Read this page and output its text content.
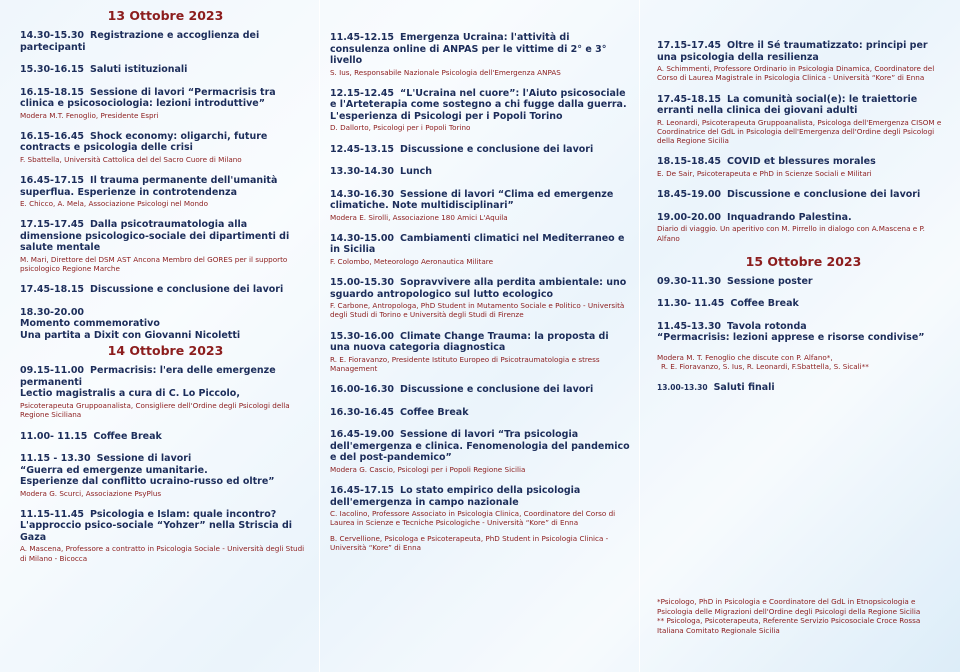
13 Ottobre 2023
14.30-15.30 Registrazione e accoglienza dei partecipanti
15.30-16.15 Saluti istituzionali
16.15-18.15 Sessione di lavori “Permacrisis tra clinica e psicosociologia: lezioni introduttive”
Modera M.T. Fenoglio, Presidente Espri
16.15-16.45 Shock economy: oligarchi, future contracts e psicologia delle crisi
F. Sbattella, Università Cattolica del del Sacro Cuore di Milano
16.45-17.15 Il trauma permanente dell'umanità superflua. Esperienze in controtendenza
E. Chicco, A. Mela, Associazione Psicologi nel Mondo
17.15-17.45 Dalla psicotraumatologia alla dimensione psicologico-sociale dei dipartimenti di salute mentale
M. Mari, Direttore del DSM AST Ancona Membro del GORES per il supporto psicologico Regione Marche
17.45-18.15 Discussione e conclusione dei lavori
18.30-20.00
Momento commemorativo
Una partita a Dixit con Giovanni Nicoletti
14 Ottobre 2023
09.15-11.00 Permacrisis: l'era delle emergenze permanenti
Lectio magistralis a cura di C. Lo Piccolo,
Psicoterapeuta Gruppoanalista, Consigliere dell'Ordine degli Psicologi della Regione Siciliana
11.00- 11.15 Coffee Break
11.15 - 13.30 Sessione di lavori
“Guerra ed emergenze umanitarie.
Esperienze dal conflitto ucraino-russo ed oltre”
Modera G. Scurci, Associazione PsyPlus
11.15-11.45 Psicologia e Islam: quale incontro?
L'approccio psico-sociale “Yohzer” nella Striscia di Gaza
A. Mascena, Professore a contratto in Psicologia Sociale - Università degli Studi di Milano - Bicocca
11.45-12.15 Emergenza Ucraina: l'attività di consulenza online di ANPAS per le vittime di 2° e 3° livello
S. Ius, Responsabile Nazionale Psicologia dell'Emergenza ANPAS
12.15-12.45 “L'Ucraina nel cuore”: l'Aiuto psicosociale e l'Arteterapia come sostegno a chi fugge dalla guerra. L'esperienza di Psicologi per i Popoli Torino
D. Dallorto, Psicologi per i Popoli Torino
12.45-13.15 Discussione e conclusione dei lavori
13.30-14.30 Lunch
14.30-16.30 Sessione di lavori “Clima ed emergenze climatiche. Note multidisciplinari”
Modera E. Sirolli, Associazione 180 Amici L'Aquila
14.30-15.00 Cambiamenti climatici nel Mediterraneo e in Sicilia
F. Colombo, Meteorologo Aeronautica Militare
15.00-15.30 Sopravvivere alla perdita ambientale: uno sguardo antropologico sul lutto ecologico
F. Carbone, Antropologa, PhD Student in Mutamento Sociale e Politico - Università degli Studi di Torino e Università degli Studi di Firenze
15.30-16.00 Climate Change Trauma: la proposta di una nuova categoria diagnostica
R. E. Fioravanzo, Presidente Istituto Europeo di Psicotraumatologia e stress Management
16.00-16.30 Discussione e conclusione dei lavori
16.30-16.45 Coffee Break
16.45-19.00 Sessione di lavori “Tra psicologia dell'emergenza e clinica. Fenomenologia del pandemico e del post-pandemico”
Modera G. Cascio, Psicologi per i Popoli Regione Sicilia
16.45-17.15 Lo stato empirico della psicologia dell'emergenza in campo nazionale
C. Iacolino, Professore Associato in Psicologia Clinica, Coordinatore del Corso di Laurea in Scienze e Tecniche Psicologiche - Università “Kore” di Enna
B. Cervellione, Psicologa e Psicoterapeuta, PhD Student in Psicologia Clinica - Università “Kore” di Enna
17.15-17.45 Oltre il Sé traumatizzato: principi per una psicologia della resilienza
A. Schimmenti, Professore Ordinario in Psicologia Dinamica, Coordinatore del Corso di Laurea Magistrale in Psicologia Clinica - Università “Kore” di Enna
17.45-18.15 La comunità social(e): le traiettorie erranti nella clinica dei giovani adulti
R. Leonardi, Psicoterapeuta Gruppoanalista, Psicologa dell'Emergenza CISOM e Coordinatrice del GdL in Psicologia dell'Emergenza dell'Ordine degli Psicologi della Regione Sicilia
18.15-18.45 COVID et blessures morales
E. De Sair, Psicoterapeuta e PhD in Scienze Sociali e Militari
18.45-19.00 Discussione e conclusione dei lavori
19.00-20.00 Inquadrando Palestina.
Diario di viaggio. Un aperitivo con M. Pirrello in dialogo con A.Mascena e P. Alfano
15 Ottobre 2023
09.30-11.30 Sessione poster
11.30- 11.45 Coffee Break
11.45-13.30 Tavola rotonda
“Permacrisis: lezioni apprese e risorse condivise”
Modera M. T. Fenoglio che discute con P. Alfano*,
R. E. Fioravanzo, S. Ius, R. Leonardi, F.Sbattella, S. Sicali**
13.00-13.30 Saluti finali
*Psicologo, PhD in Psicologia e Coordinatore del GdL in Etnopsicologia e Psicologia delle Migrazioni dell'Ordine degli Psicologi della Regione Sicilia
** Psicologa, Psicoterapeuta, Referente Servizio Psicosociale Croce Rossa Italiana Comitato Regionale Sicilia
